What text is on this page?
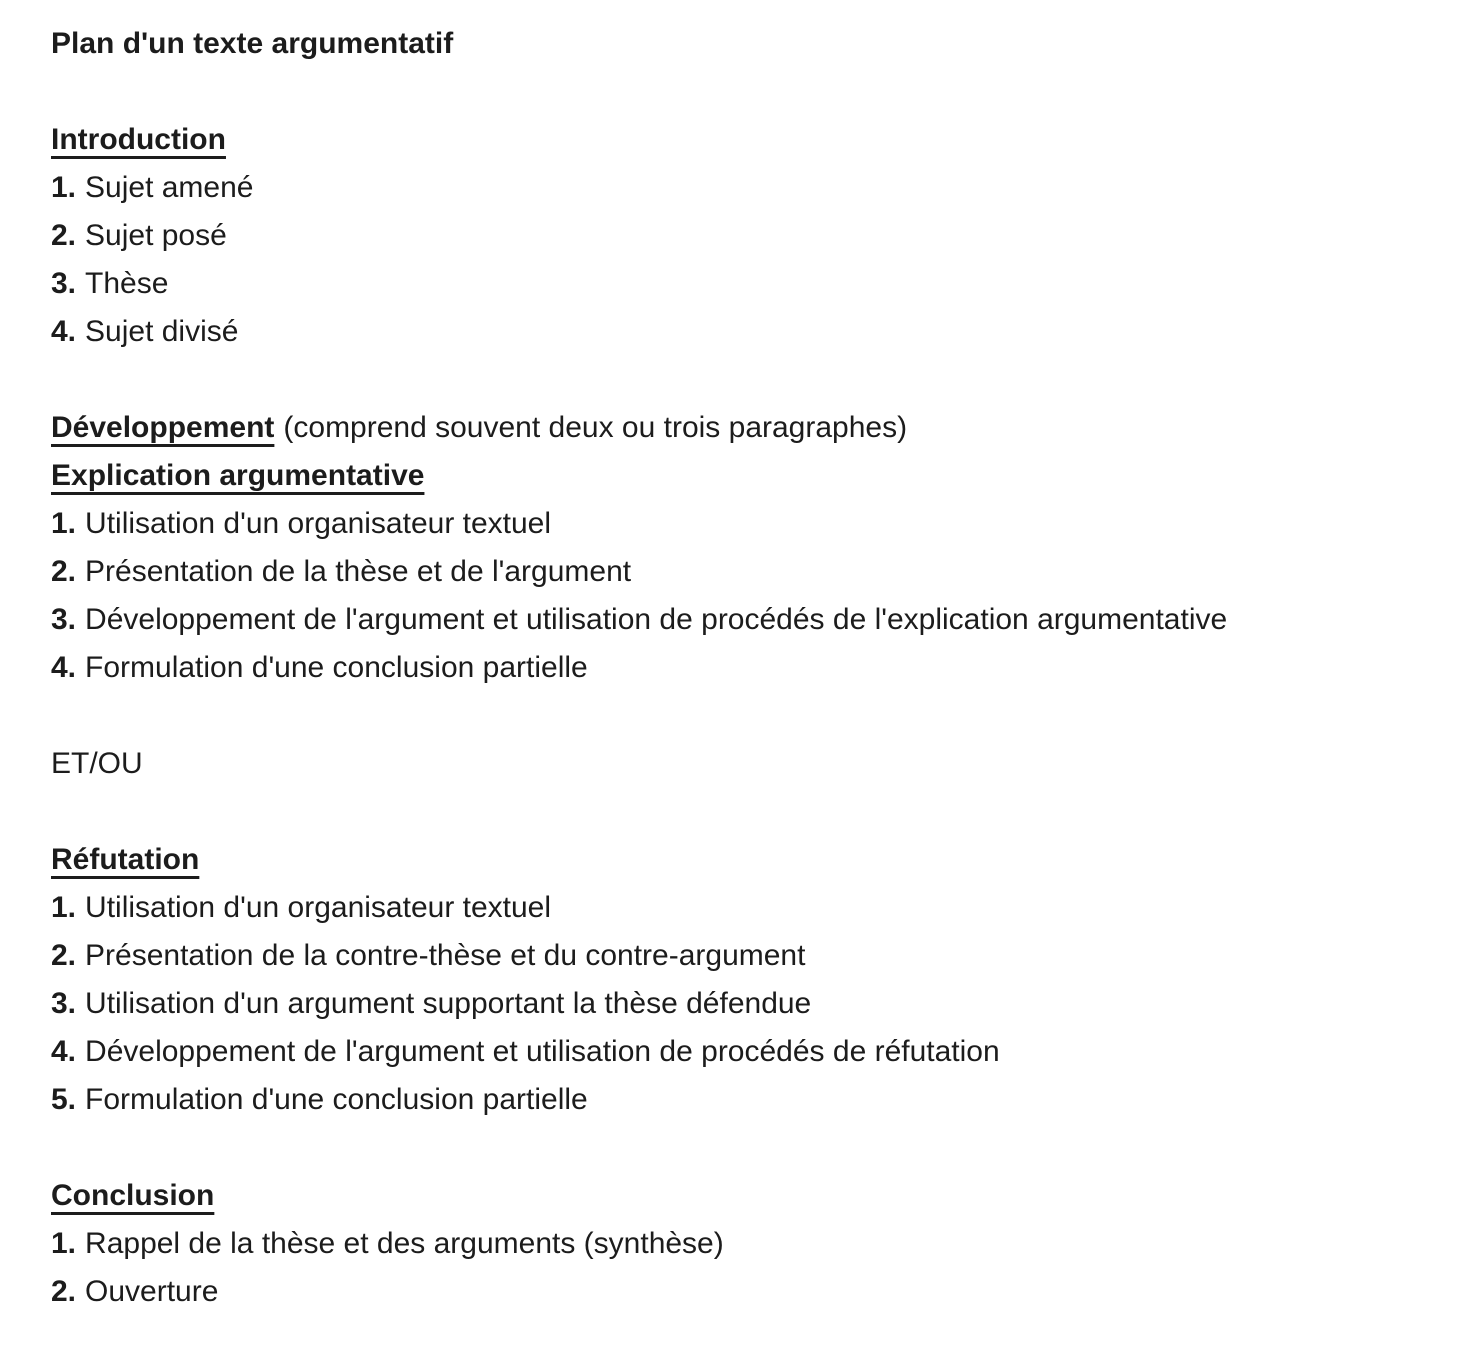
Plan d'un texte argumentatif
Introduction
1. Sujet amené
2. Sujet posé
3. Thèse
4. Sujet divisé
Développement (comprend souvent deux ou trois paragraphes)
Explication argumentative
1. Utilisation d'un organisateur textuel
2. Présentation de la thèse et de l'argument
3. Développement de l'argument et utilisation de procédés de l'explication argumentative
4. Formulation d'une conclusion partielle
ET/OU
Réfutation
1. Utilisation d'un organisateur textuel
2. Présentation de la contre-thèse et du contre-argument
3. Utilisation d'un argument supportant la thèse défendue
4. Développement de l'argument et utilisation de procédés de réfutation
5. Formulation d'une conclusion partielle
Conclusion
1. Rappel de la thèse et des arguments (synthèse)
2. Ouverture
